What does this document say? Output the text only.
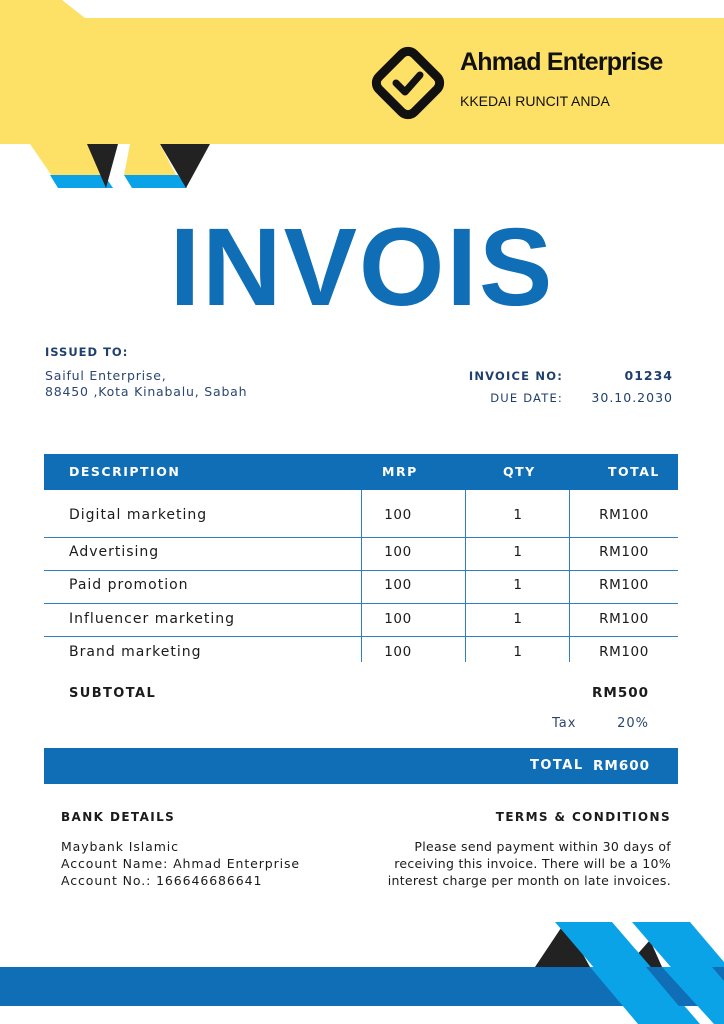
Ahmad Enterprise
KKEDAI RUNCIT ANDA
INVOIS
ISSUED TO:
Saiful Enterprise,
88450 ,Kota Kinabalu, Sabah
INVOICE NO:	01234
DUE DATE: 30.10.2030
DESCRIPTION	MRP	QTY	TOTAL
Digital marketing	100	1	RM100
Advertising	100	1	RM100
Paid promotion	100	1	RM100
Influencer marketing	100	1	RM100
Brand marketing	100	1	RM100
SUBTOTAL	RM500
Tax	20%
TOTAL RM600
BANK DETAILS
Maybank Islamic
Account Name: Ahmad Enterprise
Account No.: 166646686641
TERMS & CONDITIONS
Please send payment within 30 days of
receiving this invoice. There will be a 10%
interest charge per month on late invoices.
